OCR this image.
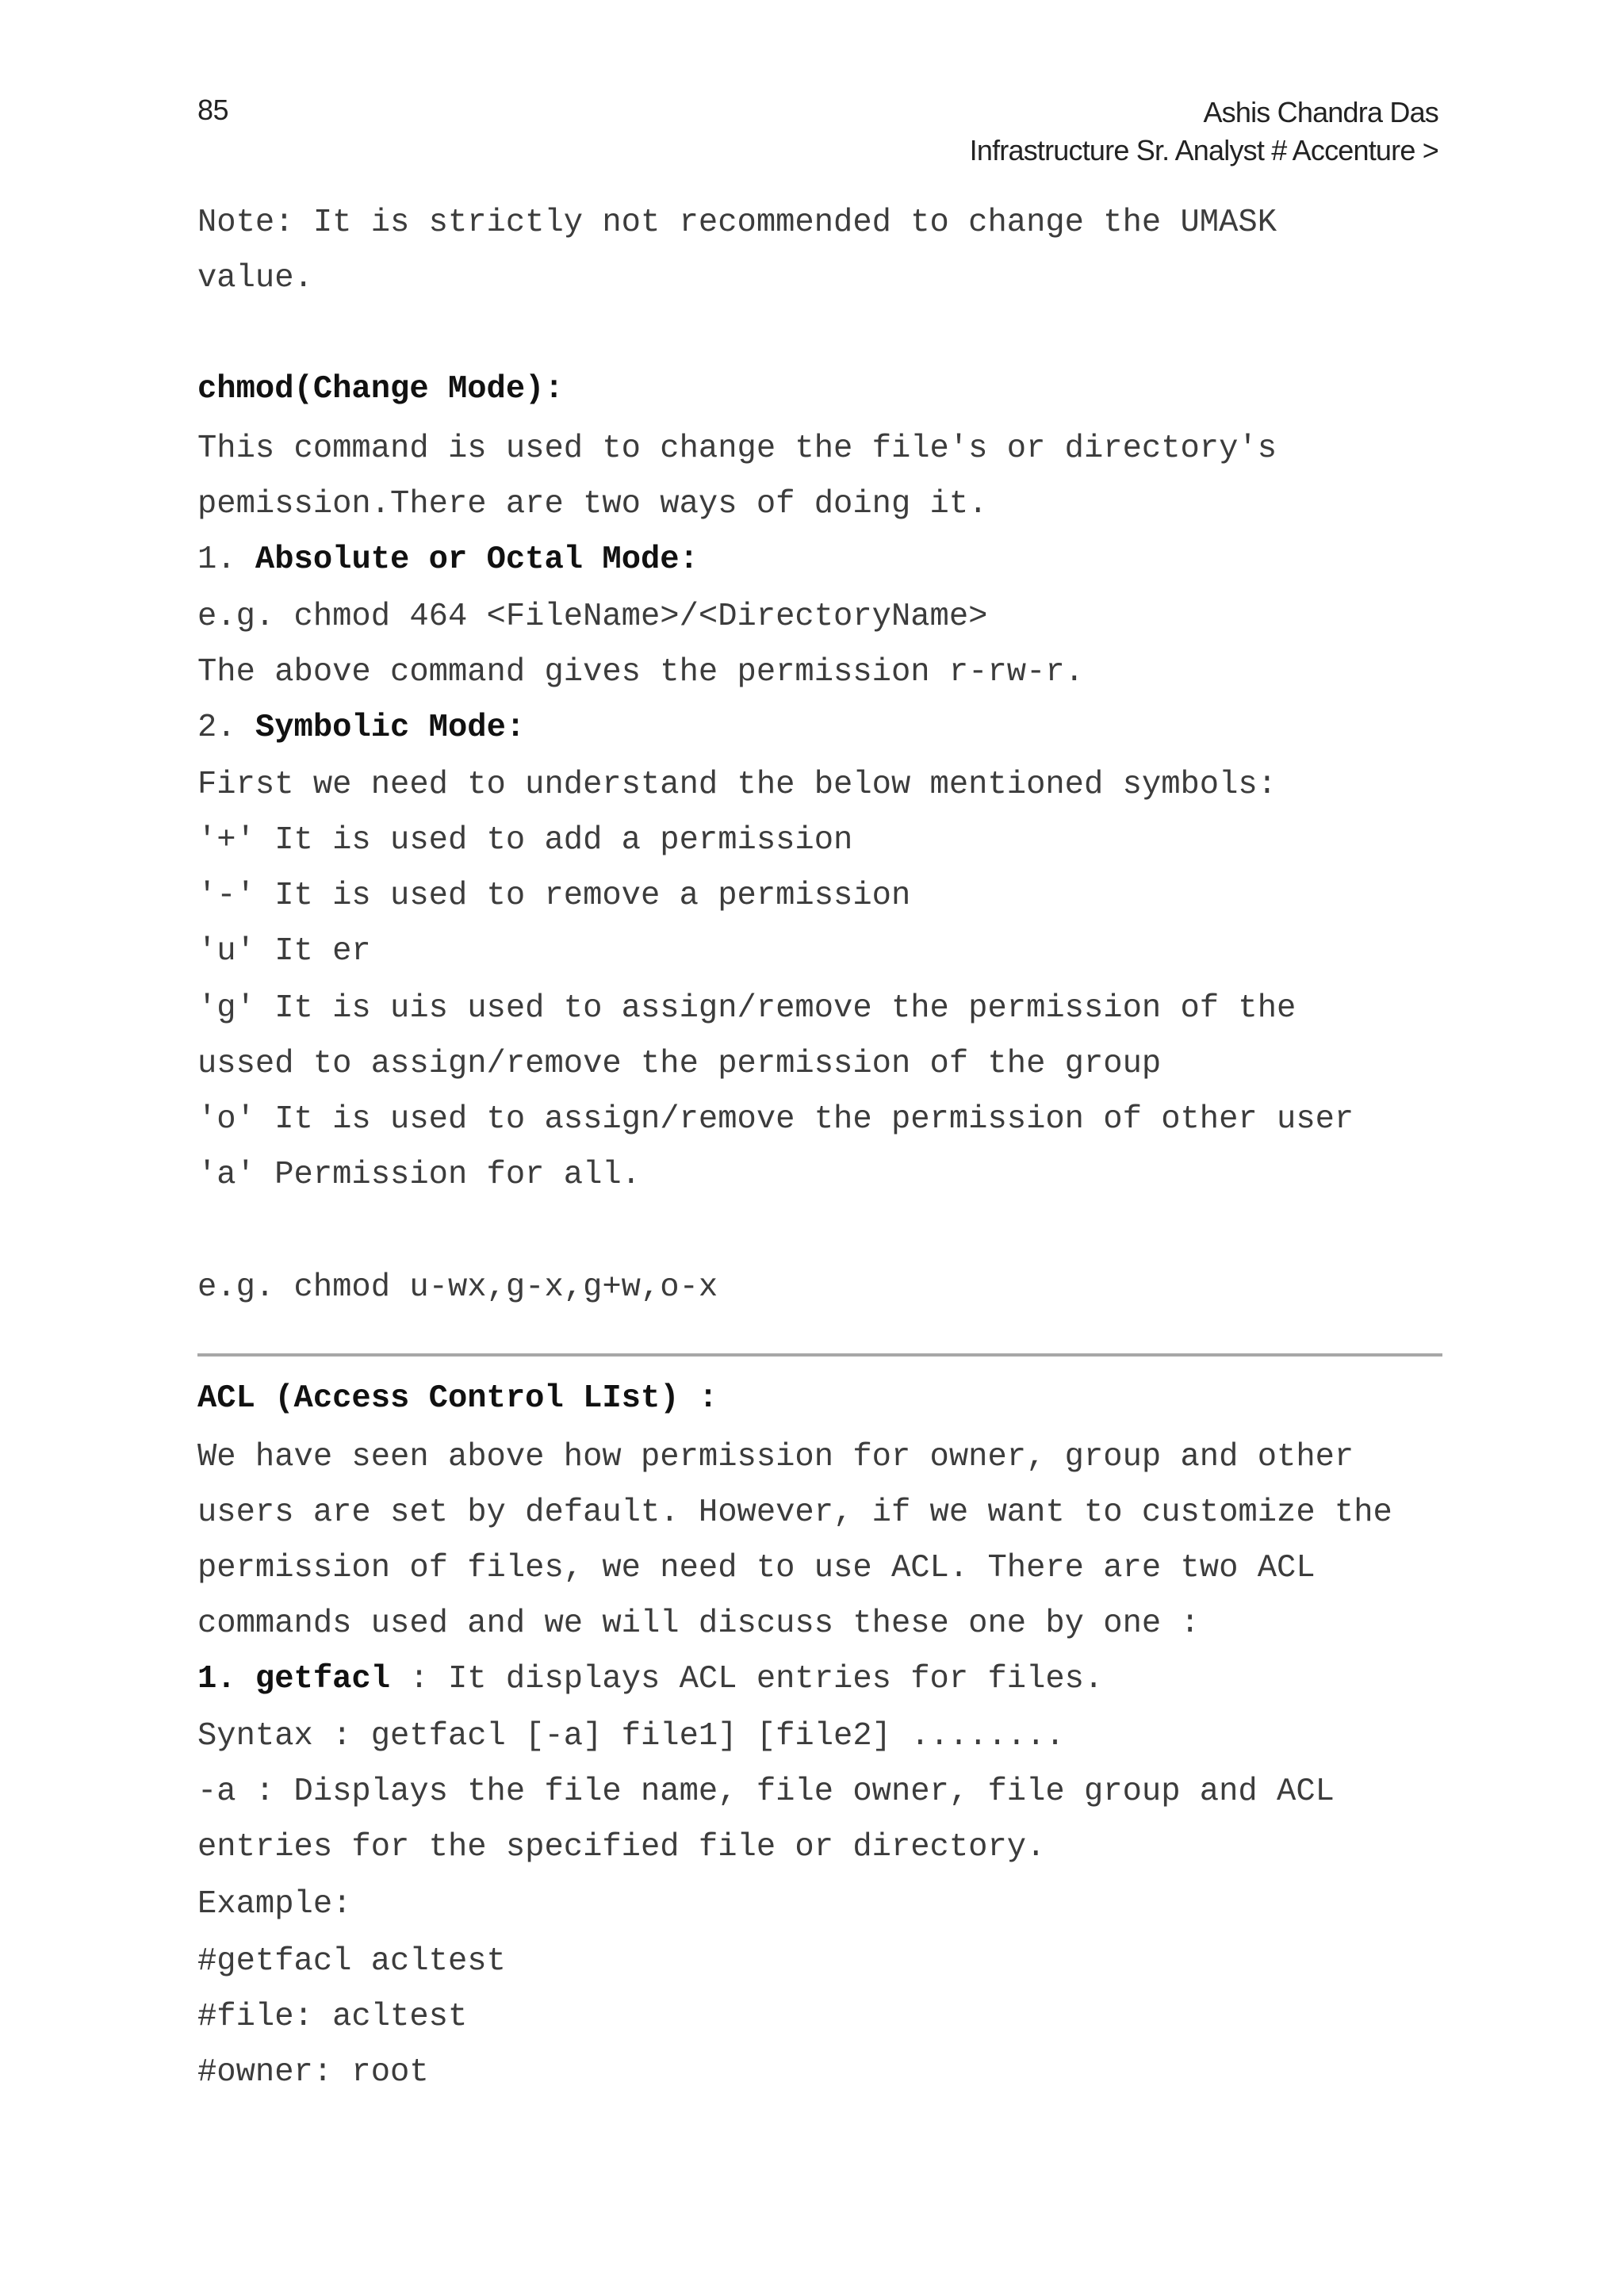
85	Ashis Chandra Das
Infrastructure Sr. Analyst # Accenture >
Note: It is strictly not recommended to change the UMASK
value.
chmod(Change Mode):
This command is used to change the file's or directory's
pemission.There are two ways of doing it.
1. Absolute or Octal Mode:
e.g. chmod 464 <FileName>/<DirectoryName>
The above command gives the permission r-rw-r.
2. Symbolic Mode:
First we need to understand the below mentioned symbols:
'+' It is used to add a permission
'-' It is used to remove a permission
'u' It er
'g' It is uis used to assign/remove the permission of the
ussed to assign/remove the permission of the group
'o' It is used to assign/remove the permission of other user
'a' Permission for all.
e.g. chmod u-wx,g-x,g+w,o-x
ACL (Access Control LIst) :
We have seen above how permission for owner, group and other
users are set by default. However, if we want to customize the
permission of files, we need to use ACL. There are two ACL
commands used and we will discuss these one by one :
1. getfacl : It displays ACL entries for files.
Syntax : getfacl [-a] file1] [file2] ........
-a : Displays the file name, file owner, file group and ACL
entries for the specified file or directory.
Example:
#getfacl acltest
#file: acltest
#owner: root
